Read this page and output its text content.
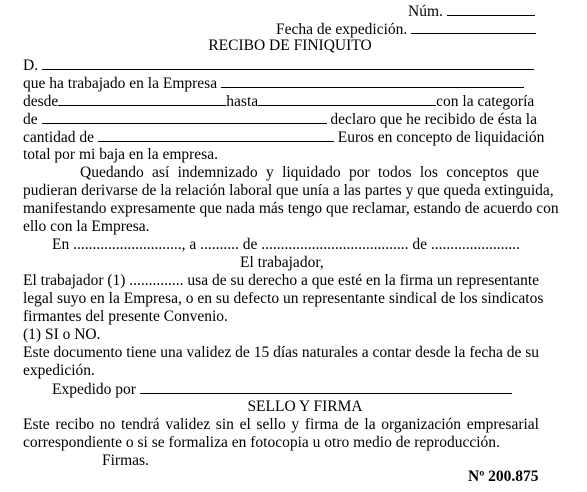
Núm.
Fecha de expedición.
RECIBO DE FINIQUITO
D.
que ha trabajado en la Empresa
desde	hasta	con la categoría
de	declaro que he recibido de ésta la
cantidad de	Euros en concepto de liquidación
total por mi baja en la empresa.
Quedando así indemnizado y liquidado por todos los conceptos que
pudieran derivarse de la relación laboral que unía a las partes y que queda extinguida,
manifestando expresamente que nada más tengo que reclamar, estando de acuerdo con
ello con la Empresa.
En ............................, a .......... de ...................................... de .......................
El trabajador,
El trabajador (1) .............. usa de su derecho a que esté en la firma un representante
legal suyo en la Empresa, o en su defecto un representante sindical de los sindicatos
firmantes del presente Convenio.
(1) SI o NO.
Este documento tiene una validez de 15 días naturales a contar desde la fecha de su
expedición.
Expedido por
SELLO Y FIRMA
Este recibo no tendrá validez sin el sello y firma de la organización empresarial
correspondiente o si se formaliza en fotocopia u otro medio de reproducción.
Firmas.
Nº 200.875
